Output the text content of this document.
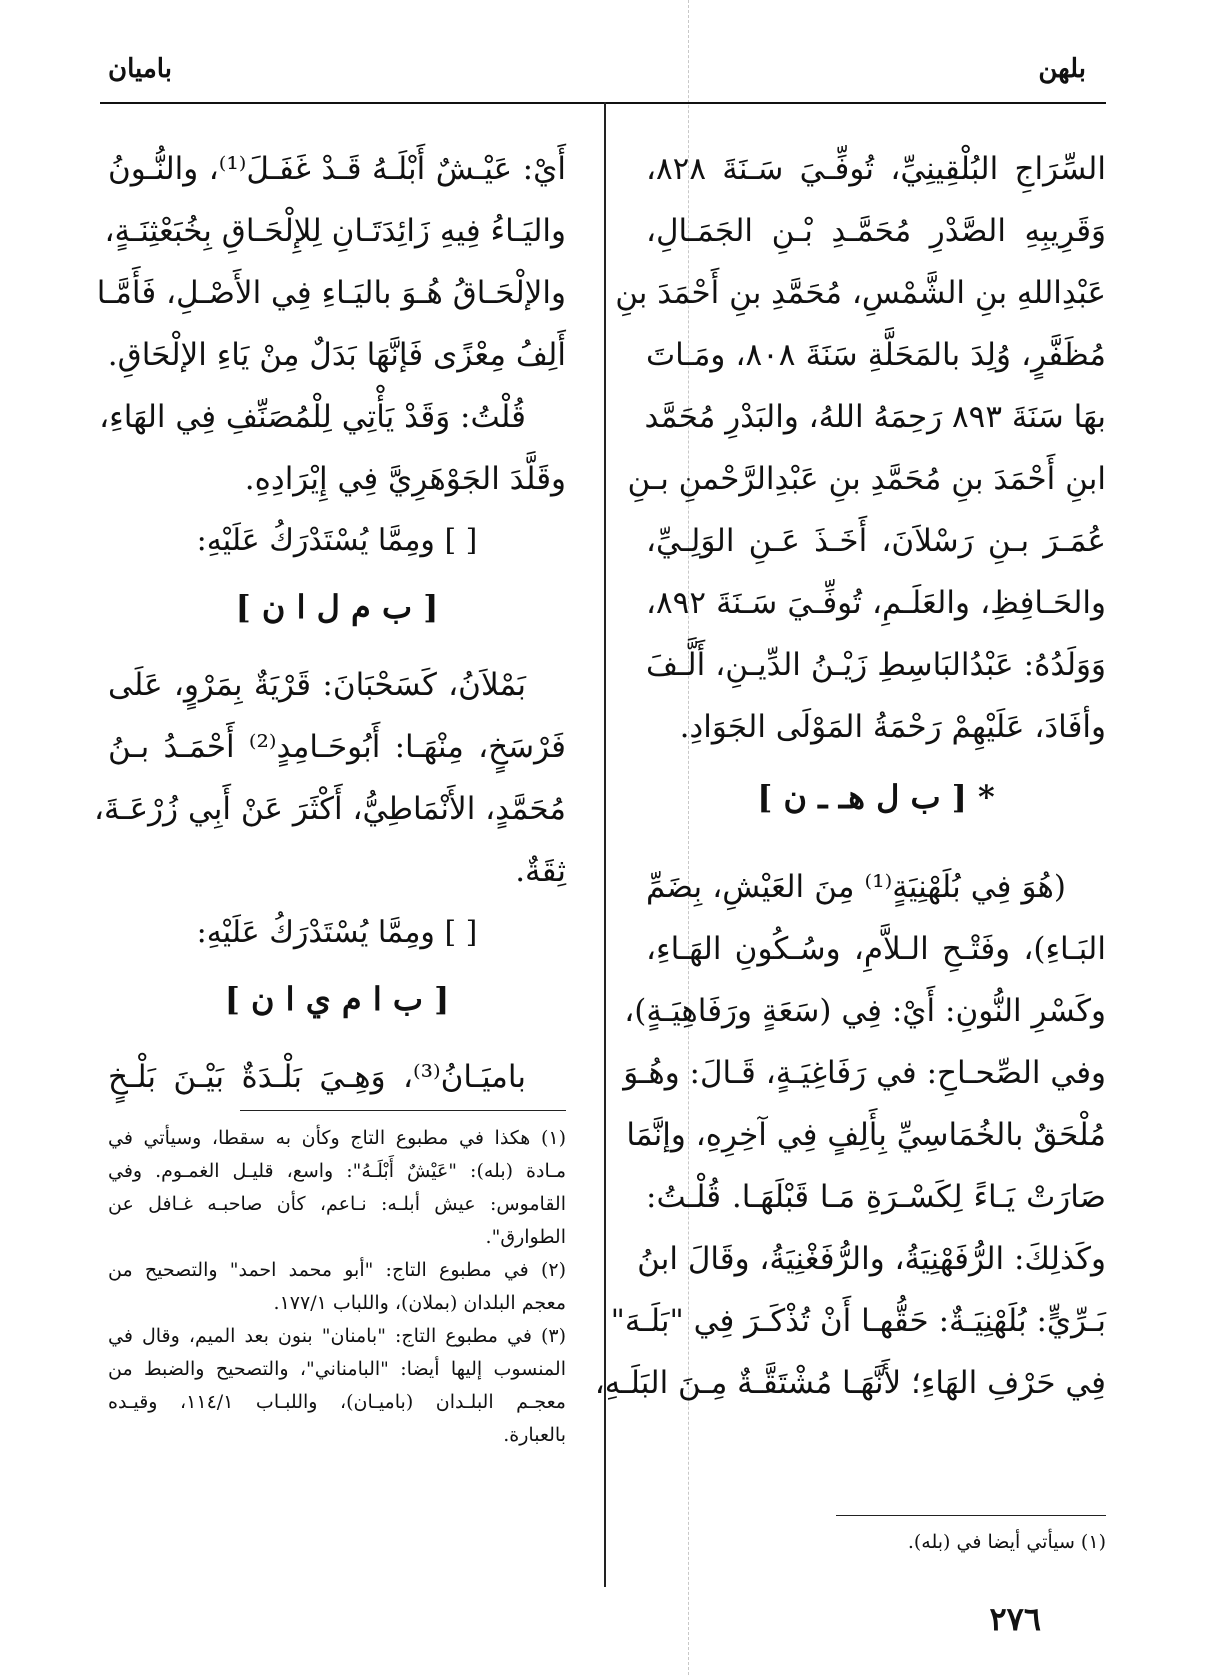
بلهن
باميان
السِّرَاجِ البُلْقِينِيِّ، تُوفِّـيَ سَـنَةَ ٨٢٨،
وَقَرِيبِهِ الصَّدْرِ مُحَمَّـدِ بْـنِ الجَمَـالِ،
عَبْدِاللهِ بنِ الشَّمْسِ، مُحَمَّدِ بنِ أَحْمَدَ بنِ
مُظَفَّرٍ، وُلِدَ بالمَحَلَّةِ سَنَةَ ٨٠٨، ومَـاتَ
بهَا سَنَةَ ٨٩٣ رَحِمَهُ اللهُ، والبَدْرِ مُحَمَّد
ابنِ أَحْمَدَ بنِ مُحَمَّدِ بنِ عَبْدِالرَّحْمنِ بـنِ
عُمَـرَ بـنِ رَسْلاَنَ، أَخَـذَ عَـنِ الوَلِـيِّ،
والحَـافِظِ، والعَلَـمِ، تُوفِّـيَ سَـنَةَ ٨٩٢،
وَوَلَدُهُ: عَبْدُالبَاسِطِ زَيْـنُ الدِّيـنِ، أَلَّـفَ
وأفَادَ، عَلَيْهِمْ رَحْمَةُ المَوْلَى الجَوَادِ.
* [ ب ل هـ ـ ن ]
(هُوَ فِي بُلَهْنِيَةٍ⁽¹⁾ مِنَ العَيْشِ، بِضَمِّ
البَـاءِ)، وفَتْـحِ الـلاَّمِ، وسُـكُونِ الهَـاءِ،
وكَسْرِ النُّونِ: أَيْ: فِي (سَعَةٍ ورَفَاهِيَـةٍ)،
وفي الصِّحـاحِ: في رَفَاغِيَـةٍ، قَـالَ: وهُـوَ
مُلْحَقٌ بالخُمَاسِيِّ بِأَلِفٍ فِي آخِرِهِ، وإنَّمَا
صَارَتْ يَـاءً لِكَسْـرَةِ مَـا قَبْلَهَـا. قُلْـتُ:
وكَذلِكَ: الرُّفَهْنِيَةُ، والرُّفَغْنِيَةُ، وقَالَ ابنُ
بَـرِّيٍّ: بُلَهْنِيَـةٌ: حَقُّهـا أَنْ تُذْكَـرَ فِي "بَلَـهَ"
فِي حَرْفِ الهَاءِ؛ لأَنَّهَـا مُشْتَقَّـةٌ مِـنَ البَلَـهِ،
أَيْ: عَيْـشٌ أَبْلَـهُ قَـدْ غَفَـلَ⁽¹⁾، والنُّـونُ
واليَـاءُ فِيهِ زَائِدَتَـانِ لِلإِلْحَـاقِ بِخُبَعْثِنَـةٍ،
والإلْحَـاقُ هُـوَ باليَـاءِ فِي الأَصْـلِ، فَأَمَّـا
أَلِفُ مِعْزًى فَإنَّهَا بَدَلٌ مِنْ يَاءِ الإلْحَاقِ.
قُلْتُ: وَقَدْ يَأْتِي لِلْمُصَنِّفِ فِي الهَاءِ،
وقَلَّدَ الجَوْهَرِيَّ فِي إِيْرَادِهِ.
[ ] ومِمَّا يُسْتَدْرَكُ عَلَيْهِ:
[ ب م ل ا ن ]
بَمْلاَنُ، كَسَحْبَانَ: قَرْيَةٌ بِمَرْوٍ، عَلَى
فَرْسَخٍ، مِنْهَـا: أَبُوحَـامِدٍ⁽²⁾ أَحْمَـدُ بـنُ
مُحَمَّدٍ، الأَنْمَاطِيُّ، أَكْثَرَ عَنْ أَبِي زُرْعَـةَ،
ثِقَةٌ.
[ ] ومِمَّا يُسْتَدْرَكُ عَلَيْهِ:
[ ب ا م ي ا ن ]
باميَـانُ⁽³⁾، وَهِـيَ بَلْـدَةٌ بَيْـنَ بَلْـخٍ
(١) هكذا في مطبوع التاج وكأن به سقطا، وسيأتي في
مـادة (بله): "عَيْشٌ أَبْلَـهُ": واسع، قليـل الغمـوم. وفي
القاموس: عيش أبلـه: نـاعم، كأن صاحبـه غـافل عن
الطوارق".
(٢) في مطبوع التاج: "أبو محمد احمد" والتصحيح من
معجم البلدان (بملان)، واللباب ١٧٧/١.
(٣) في مطبوع التاج: "بامنان" بنون بعد الميم، وقال في
المنسوب إليها أيضا: "البامناني"، والتصحيح والضبط من
معجـم البلـدان (باميـان)، واللبـاب ١١٤/١، وقيـده
بالعبارة.
(١) سيأتي أيضا في (بله).
٢٧٦
